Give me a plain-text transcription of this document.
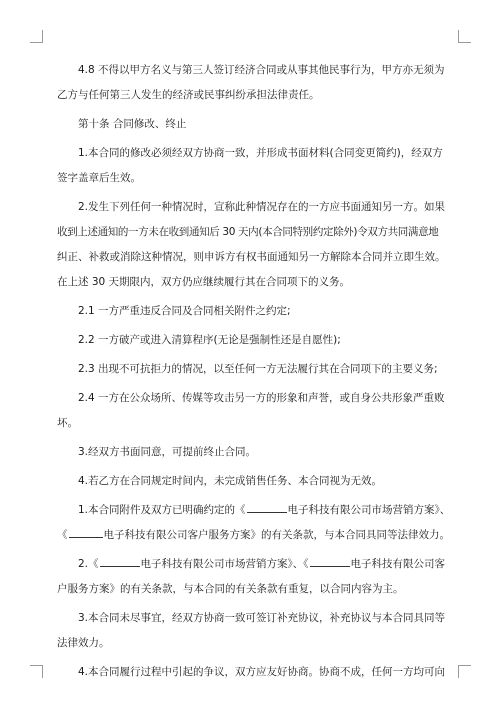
4.8 不得以甲方名义与第三人签订经济合同或从事其他民事行为，甲方亦无须为
乙方与任何第三人发生的经济或民事纠纷承担法律责任。
第十条 合同修改、终止
1.本合同的修改必须经双方协商一致，并形成书面材料(合同变更简约)，经双方
签字盖章后生效。
2.发生下列任何一种情况时，宣称此种情况存在的一方应书面通知另一方。如果
收到上述通知的一方未在收到通知后 30 天内(本合同特别约定除外)令双方共同满意地
纠正、补救或消除这种情况，则申诉方有权书面通知另一方解除本合同并立即生效。
在上述 30 天期限内，双方仍应继续履行其在合同项下的义务。
2.1 一方严重违反合同及合同相关附件之约定;
2.2 一方破产或进入清算程序(无论是强制性还是自愿性);
2.3 出现不可抗拒力的情况，以至任何一方无法履行其在合同项下的主要义务;
2.4 一方在公众场所、传媒等攻击另一方的形象和声誉，或自身公共形象严重败
坏。
3.经双方书面同意，可提前终止合同。
4.若乙方在合同规定时间内，未完成销售任务、本合同视为无效。
1.本合同附件及双方已明确约定的《	电子科技有限公司市场营销方案》、
《	电子科技有限公司客户服务方案》的有关条款，与本合同具同等法律效力。
2.《	电子科技有限公司市场营销方案》、《	电子科技有限公司客
户服务方案》的有关条款，与本合同的有关条款有重复，以合同内容为主。
3.本合同未尽事宜，经双方协商一致可签订补充协议，补充协议与本合同具同等
法律效力。
4.本合同履行过程中引起的争议，双方应友好协商。协商不成，任何一方均可向
